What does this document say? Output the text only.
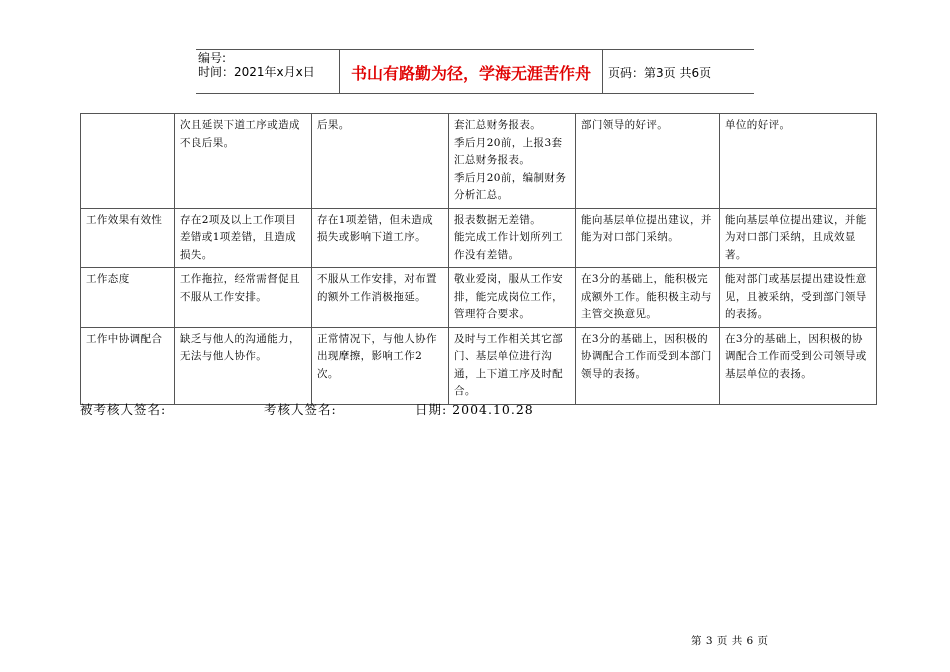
编号:
时间：2021年x月x日	书山有路勤为径，学海无涯苦作舟	页码：第3页 共6页
	次且延误下道工序或造成不良后果。	后果。	套汇总财务报表。
季后月20前，上报3套汇总财务报表。
季后月20前，编制财务分析汇总。	部门领导的好评。	单位的好评。
工作效果有效性	存在2项及以上工作项目差错或1项差错，且造成损失。	存在1项差错，但未造成损失或影响下道工序。	报表数据无差错。
能完成工作计划所列工作没有差错。	能向基层单位提出建议，并能为对口部门采纳。	能向基层单位提出建议，并能为对口部门采纳，且成效显著。
工作态度	工作拖拉，经常需督促且不服从工作安排。	不服从工作安排，对布置的额外工作消极拖延。	敬业爱岗，服从工作安排，能完成岗位工作，管理符合要求。	在3分的基础上，能积极完成额外工作。能积极主动与主管交换意见。	能对部门或基层提出建设性意见，且被采纳，受到部门领导的表扬。
工作中协调配合	缺乏与他人的沟通能力，无法与他人协作。	正常情况下，与他人协作出现摩擦，影响工作2次。	及时与工作相关其它部门、基层单位进行沟通，上下道工序及时配合。	在3分的基础上，因积极的协调配合工作而受到本部门领导的表扬。	在3分的基础上，因积极的协调配合工作而受到公司领导或基层单位的表扬。
被考核人签名:	考核人签名:	日期: 2004.10.28
第 3 页 共 6 页
